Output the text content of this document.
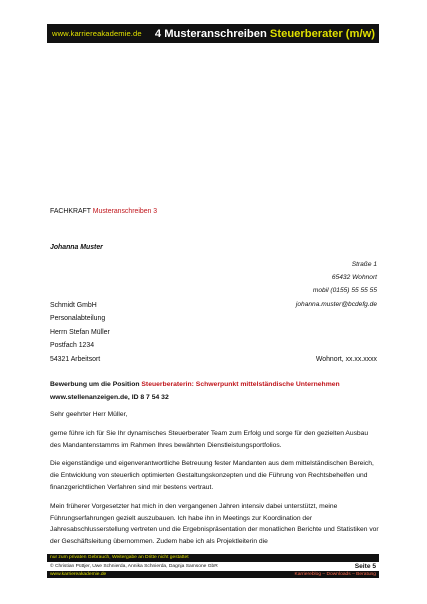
www.karriereakademie.de 4 Musteranschreiben Steuerberater (m/w)
FACHKRAFT Musteranschreiben 3
Johanna Muster
Straße 1
65432 Wohnort
mobil (0155) 55 55 55
johanna.muster@bcdefg.de
Schmidt GmbH
Personalabteilung
Herrn Stefan Müller
Postfach 1234
54321 Arbeitsort	Wohnort, xx.xx.xxxx
Bewerbung um die Position Steuerberaterin: Schwerpunkt mittelständische Unternehmen
www.stellenanzeigen.de, ID 8 7 54 32

Sehr geehrter Herr Müller,

gerne führe ich für Sie Ihr dynamisches Steuerberater Team zum Erfolg und sorge für den gezielten Ausbau des Mandantenstamms im Rahmen Ihres bewährten Dienstleistungsportfolios.

Die eigenständige und eigenverantwortliche Betreuung fester Mandanten aus dem mittelständischen Bereich, die Entwicklung von steuerlich optimierten Gestaltungskonzepten und die Führung von Rechtsbehelfen und finanzgerichtlichen Verfahren sind mir bestens vertraut.

Mein früherer Vorgesetzter hat mich in den vergangenen Jahren intensiv dabei unterstützt, meine Führungserfahrungen gezielt auszubauen. Ich habe ihn in Meetings zur Koordination der Jahresabschlusserstellung vertreten und die Ergebnispräsentation der monatlichen Berichte und Statistiken vor der Geschäftsleitung übernommen. Zudem habe ich als Projektleiterin die

nur zum privaten Gebrauch, Weitergabe an Dritte nicht gestattet
© Christian Püttjer, Uwe Schnierda, Annika Schnierda, Dagnja Samsone GbR	Seite 5
www.karriereakademie.de	Karriereblog – Downloads – Beratung
